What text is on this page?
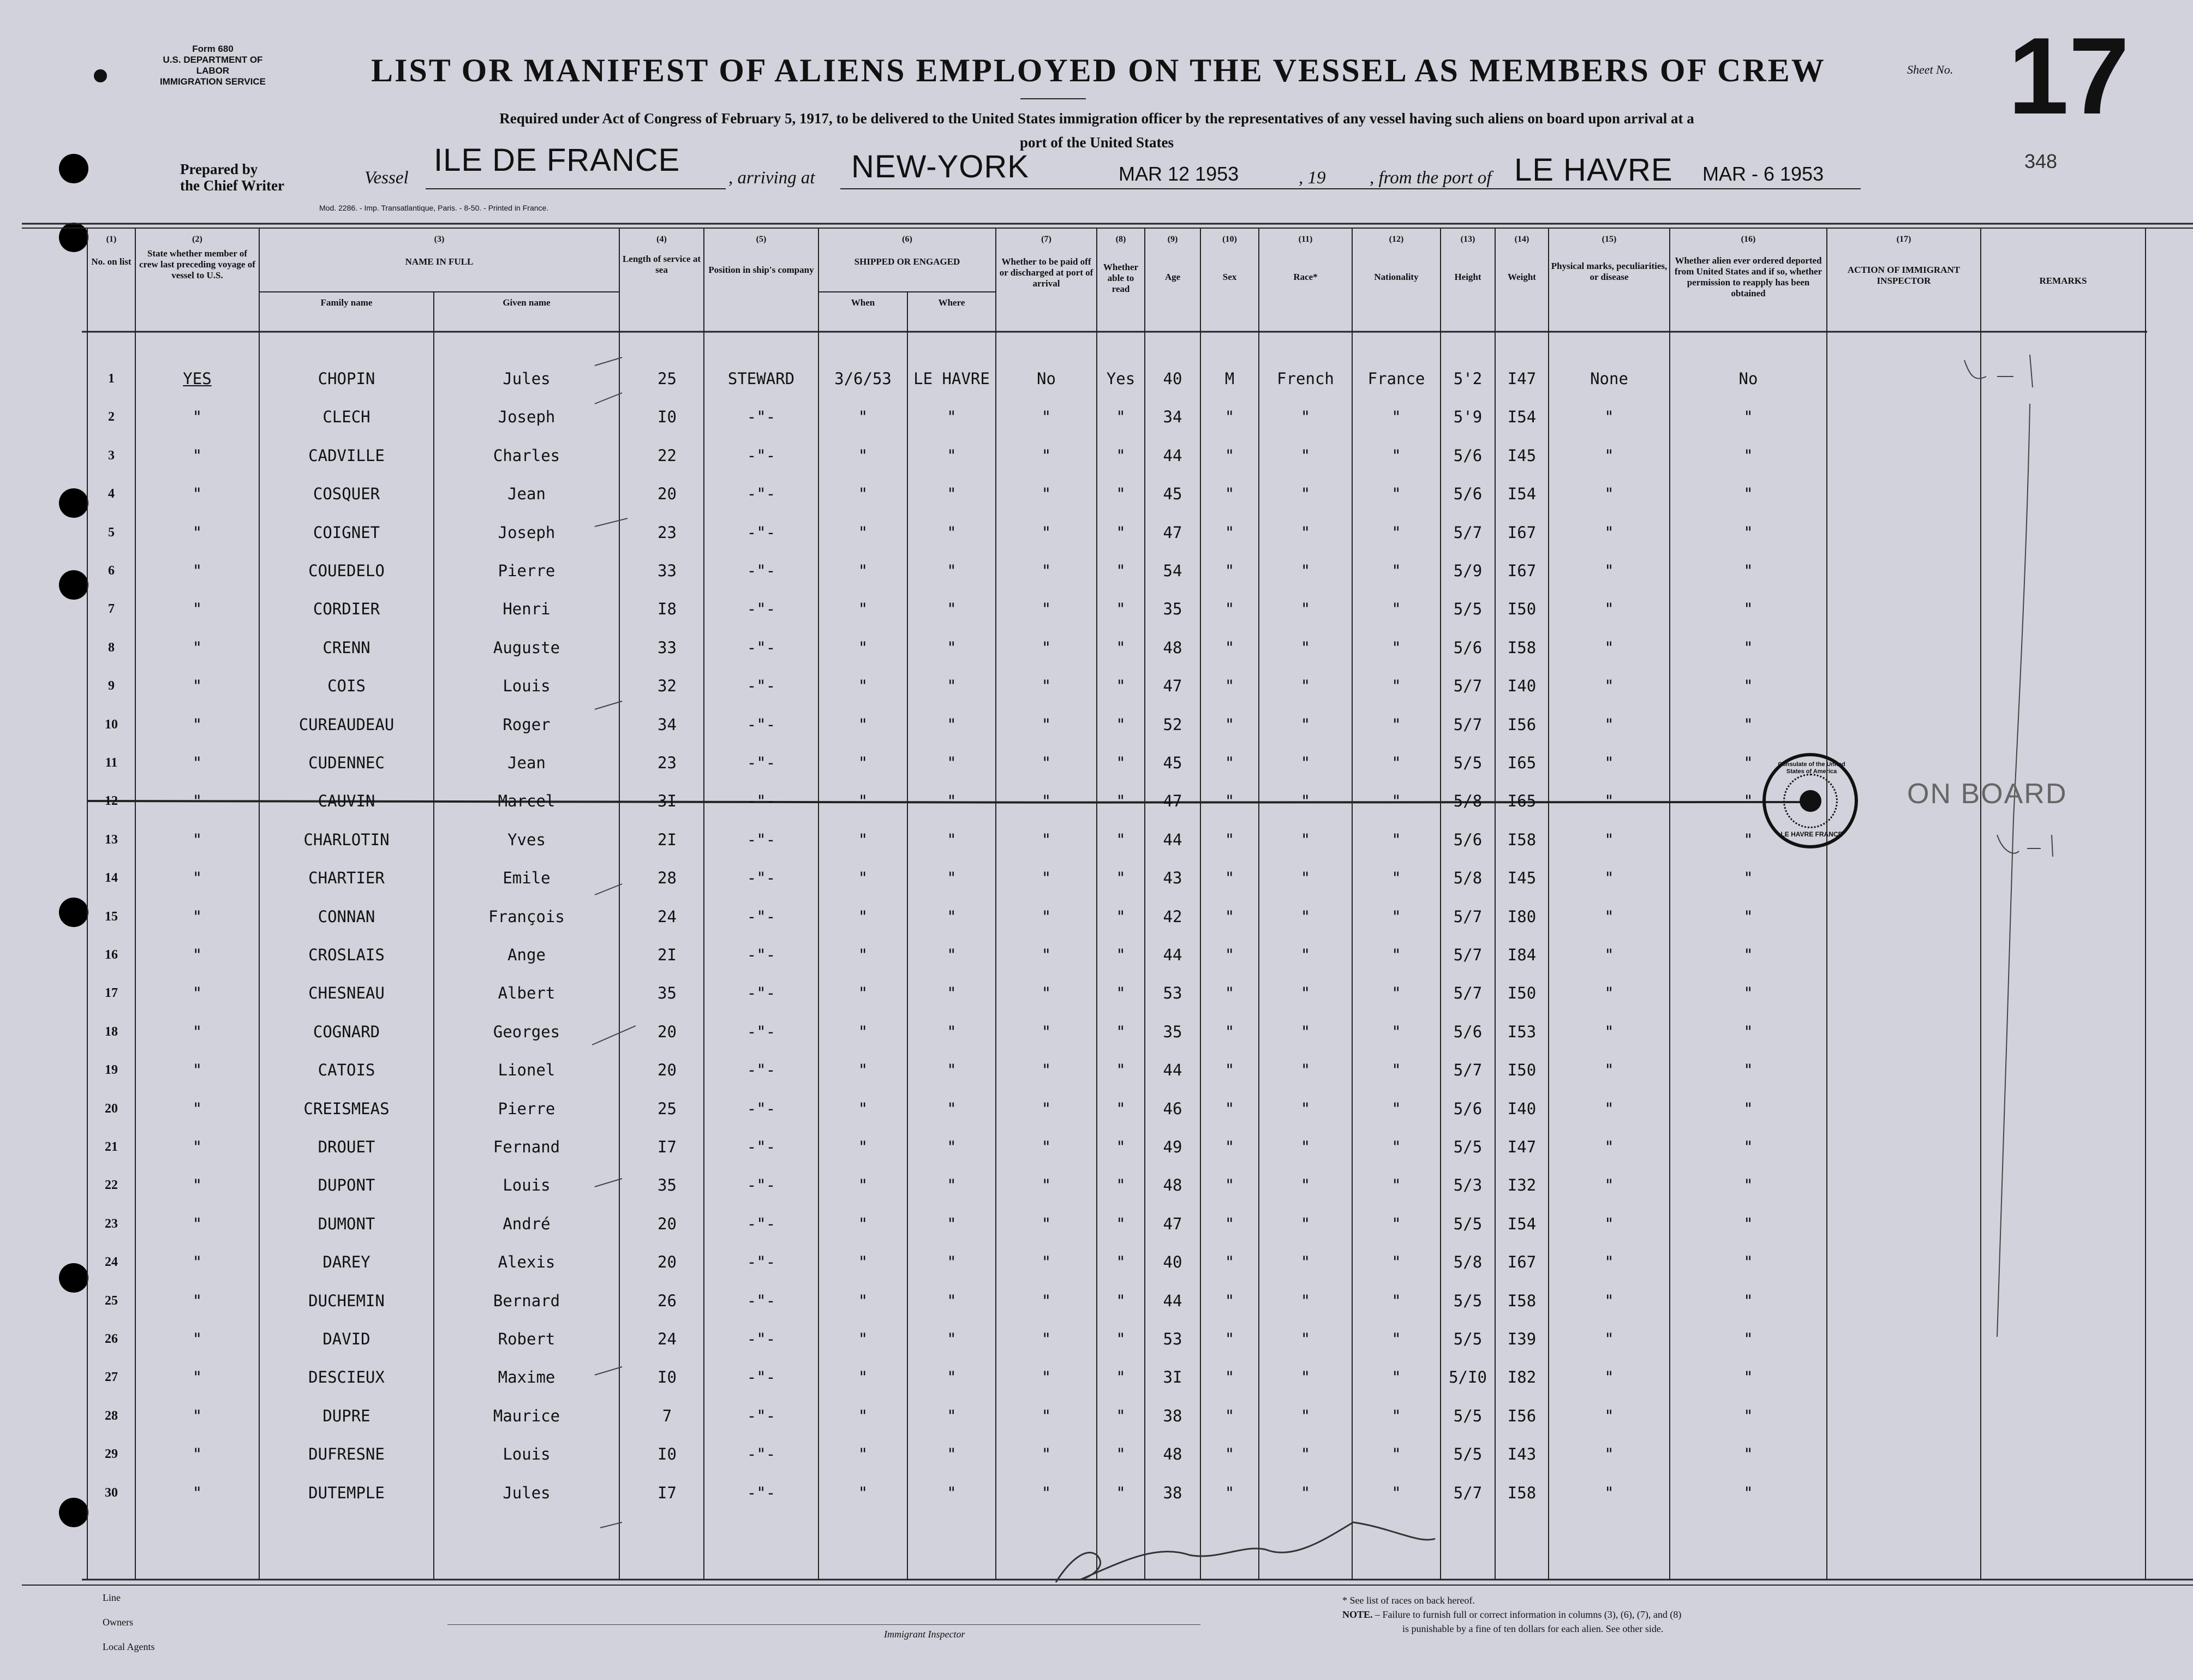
Form 680
U.S. DEPARTMENT OF LABOR
IMMIGRATION SERVICE	LIST OR MANIFEST OF ALIENS EMPLOYED ON THE VESSEL AS MEMBERS OF CREW	Sheet No. 17
Required under Act of Congress of February 5, 1917, to be delivered to the United States immigration officer by the representatives of any vessel having such aliens on board upon arrival at a
port of the United States
Prepared by
the Chief Writer	Vessel ILE DE FRANCE	, arriving at NEW-YORK	MAR 12 1953	, 19 , from the port of LE HAVRE MAR - 6 1953
348
Mod. 2286. - Imp. Transatlantique, Paris. - 8-50. - Printed in France.
(1)
No. on list
(2)
State whether member of crew last preceding voyage of vessel to U.S.
(3)
NAME IN FULL
Family name	Given name
(4)
Length of service at sea
(5)
Position in ship's company
(6)
SHIPPED OR ENGAGED
When	Where
(7)
Whether to be paid off or discharged at port of arrival
(8)
Whether able to read
(9)
Age
(10)
Sex
(11)
Race*
(12)
Nationality
(13)
Height
(14)
Weight
(15)
Physical marks, peculiarities, or disease
(16)
Whether alien ever ordered deported from United States and if so, whether permission to reapply has been obtained
(17)
ACTION OF IMMIGRANT INSPECTOR	REMARKS
1	YES	CHOPIN	Jules	25	STEWARD	3/6/53	LE HAVRE	No	Yes	40	M	French	France	5'2	I47	None	No
2	"	CLECH	Joseph	I0	-"-	"	"	"	"	34	"	"	"	5'9	I54	"	"
3	"	CADVILLE	Charles	22	-"-	"	"	"	"	44	"	"	"	5/6	I45	"	"
4	"	COSQUER	Jean	20	-"-	"	"	"	"	45	"	"	"	5/6	I54	"	"
5	"	COIGNET	Joseph	23	-"-	"	"	"	"	47	"	"	"	5/7	I67	"	"
6	"	COUEDELO	Pierre	33	-"-	"	"	"	"	54	"	"	"	5/9	I67	"	"
7	"	CORDIER	Henri	I8	-"-	"	"	"	"	35	"	"	"	5/5	I50	"	"
8	"	CRENN	Auguste	33	-"-	"	"	"	"	48	"	"	"	5/6	I58	"	"
9	"	COIS	Louis	32	-"-	"	"	"	"	47	"	"	"	5/7	I40	"	"
10	"	CUREAUDEAU	Roger	34	-"-	"	"	"	"	52	"	"	"	5/7	I56	"	"
11	"	CUDENNEC	Jean	23	-"-	"	"	"	"	45	"	"	"	5/5	I65	"	"
12	"	CAUVIN	Marcel	3I	-"-	"	"	"	"	47	"	"	"	5/8	I65	"	"
13	"	CHARLOTIN	Yves	2I	-"-	"	"	"	"	44	"	"	"	5/6	I58	"	"
14	"	CHARTIER	Emile	28	-"-	"	"	"	"	43	"	"	"	5/8	I45	"	"
15	"	CONNAN	François	24	-"-	"	"	"	"	42	"	"	"	5/7	I80	"	"
16	"	CROSLAIS	Ange	2I	-"-	"	"	"	"	44	"	"	"	5/7	I84	"	"
17	"	CHESNEAU	Albert	35	-"-	"	"	"	"	53	"	"	"	5/7	I50	"	"
18	"	COGNARD	Georges	20	-"-	"	"	"	"	35	"	"	"	5/6	I53	"	"
19	"	CATOIS	Lionel	20	-"-	"	"	"	"	44	"	"	"	5/7	I50	"	"
20	"	CREISMEAS	Pierre	25	-"-	"	"	"	"	46	"	"	"	5/6	I40	"	"
21	"	DROUET	Fernand	I7	-"-	"	"	"	"	49	"	"	"	5/5	I47	"	"
22	"	DUPONT	Louis	35	-"-	"	"	"	"	48	"	"	"	5/3	I32	"	"
23	"	DUMONT	André	20	-"-	"	"	"	"	47	"	"	"	5/5	I54	"	"
24	"	DAREY	Alexis	20	-"-	"	"	"	"	40	"	"	"	5/8	I67	"	"
25	"	DUCHEMIN	Bernard	26	-"-	"	"	"	"	44	"	"	"	5/5	I58	"	"
26	"	DAVID	Robert	24	-"-	"	"	"	"	53	"	"	"	5/5	I39	"	"
27	"	DESCIEUX	Maxime	I0	-"-	"	"	"	"	3I	"	"	"	5/I0	I82	"	"
28	"	DUPRE	Maurice	7	-"-	"	"	"	"	38	"	"	"	5/5	I56	"	"
29	"	DUFRESNE	Louis	I0	-"-	"	"	"	"	48	"	"	"	5/5	I43	"	"
30	"	DUTEMPLE	Jules	I7	-"-	"	"	"	"	38	"	"	"	5/7	I58	"	"
Consulate of the United States of America
LE HAVRE FRANCE
ON BOARD
Line
Owners
Local Agents
Immigrant Inspector
* See list of races on back hereof.
NOTE. – Failure to furnish full or correct information in columns (3), (6), (7), and (8)
is punishable by a fine of ten dollars for each alien. See other side.
